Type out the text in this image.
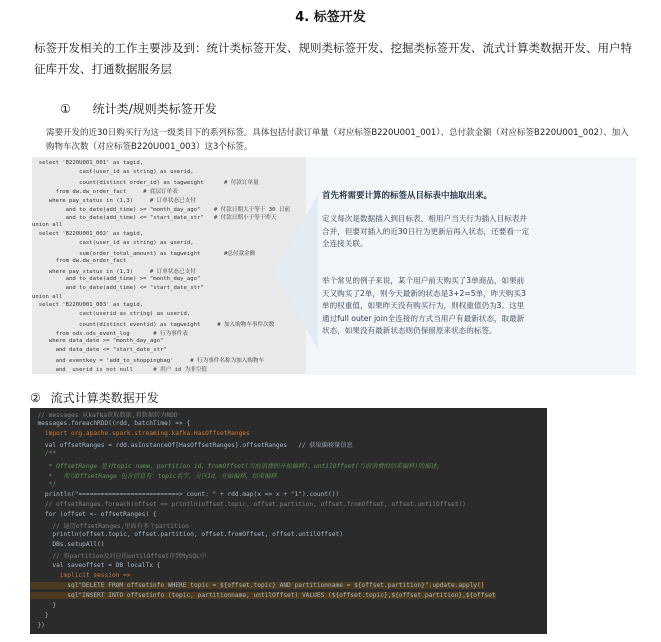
4. 标签开发
标签开发相关的工作主要涉及到：统计类标签开发、规则类标签开发、挖掘类标签开发、流式计算类数据开发、用户特征库开发、打通数据服务层
① 统计类/规则类标签开发
需要开发的近30日购买行为这一级类目下的系列标签。具体包括付款订单量（对应标签B220U001_001）、总付款金额（对应标签B220U001_002）、加入购物车次数（对应标签B220U001_003）这3个标签。
select 'B220U001_001' as tagid,
cast(user_id as string) as userid,
count(distinct order_id) as tagweight      # 付款订单量
from dw.dw_order_fact     # 底层订单表
where pay_status in (1,3)     # 订单状态已支付
and to_date(add_time) >= "month_day_ago"    # 付款日期大于等于 30 日前
and to_date(add_time) <= "start_date_str"   # 付款日期小于等于昨天
union all
select 'B220U001_002' as tagid,
cast(user_id as string) as userid,
sum(order_total_amount) as tagweight       #总付款金额
from dw.dw_order_fact
where pay_status in (1,3)     # 订单状态已支付
and to_date(add_time) >= "month_day_ago"
and to_date(add_time) <= "start_date_str"
union all
select 'B220U001_003' as tagid,
cast(userid as string) as userid,
count(distinct eventid) as tagweight     # 加入购物车事件次数
from ods.ods_event_log       # 行为事件表
where data_date >= "month_day_ago"
and data_date <= "start_date_str"
and eventkey = 'add_to_shoppingbag'     # 行为事件名称为加入购物车
and  userid is not null      # 用户 id 为非空值
首先将需要计算的标签从目标表中抽取出来。
定义每次是数据插入到目标表，相用户当天行为插入目标表并合并，但要对插入的近30日行为更新后再入状态，还要看一定全连接关联。
举个常见的例子来说，某个用户前天购买了3单商品，如果前天又购买了2单，则今天最新的状态是3+2=5单，昨天购买3单的权重值，如果昨天没有购买行为，则权重值仍为3。这里通过full outer join全连接的方式当用户有最新状态，取最新状态，如果没有最新状态则仍保留原来状态的标签。
② 流式计算类数据开发
// messages 从kafka获取数据,将数据转为RDD
messages.foreachRDD((rdd, batchTime) => {
import org.apache.spark.streaming.kafka.HasOffsetRanges
val offsetRanges = rdd.asInstanceOf[HasOffsetRanges].offsetRanges   // 获取偏移量信息
/**
* OffsetRange 是对topic name、partition id、fromOffset(当前消费的开始偏移)、untilOffset(当前消费的结束偏移)的描述。
*   所以OffsetRange 包含信息有：topic名字，分区Id，开始偏移，结束偏移
*/
println("===========================> count: " + rdd.map(x => x + "1").count())
// offsetRanges.foreach(offset => println(offset.topic, offset.partition, offset.fromOffset, offset.untilOffset))
for (offset <- offsetRanges) {
// 遍历offsetRanges,里面有多个partition
println(offset.topic, offset.partition, offset.fromOffset, offset.untilOffset)
DBs.setupAll()
// 将partition及对应的untilOffset存到MySQL中
val saveoffset = DB localTx {
implicit session =>
sql"DELETE FROM offsetinfo WHERE topic = ${offset.topic} AND partitionname = ${offset.partition}".update.apply()
sql"INSERT INTO offsetinfo (topic, partitionname, untilOffset) VALUES (${offset.topic},${offset.partition},${offset
}
}
})
